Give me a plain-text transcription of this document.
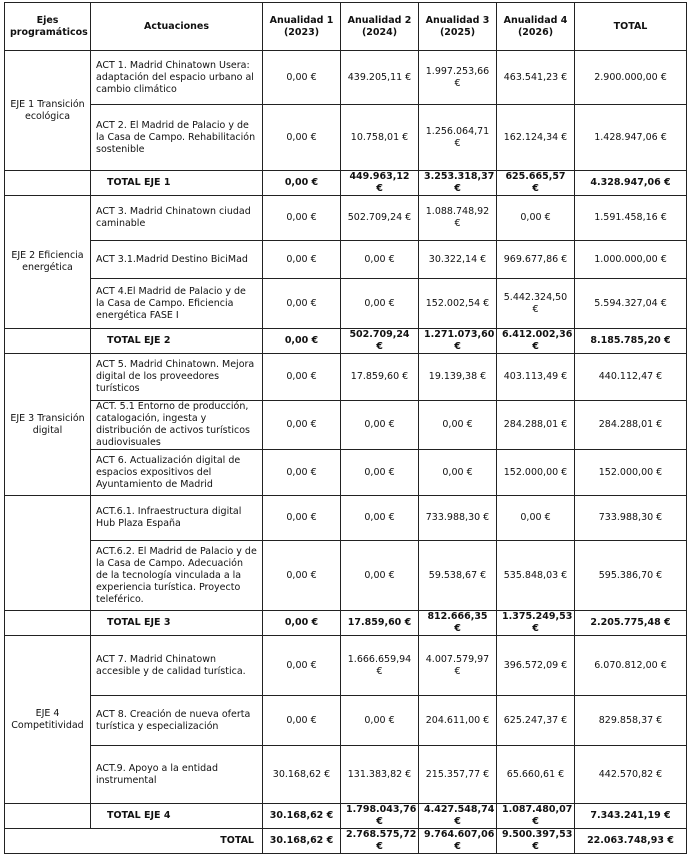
Ejes programáticos	Actuaciones	Anualidad 1 (2023)	Anualidad 2 (2024)	Anualidad 3 (2025)	Anualidad 4 (2026)	TOTAL
EJE 1 Transición ecológica	ACT 1. Madrid Chinatown Usera: adaptación del espacio urbano al cambio climático	0,00 €	439.205,11 €	1.997.253,66 €	463.541,23 €	2.900.000,00 €
	ACT 2. El Madrid de Palacio y de la Casa de Campo. Rehabilitación sostenible	0,00 €	10.758,01 €	1.256.064,71 €	162.124,34 €	1.428.947,06 €
	TOTAL EJE 1	0,00 €	449.963,12 €	3.253.318,37 €	625.665,57 €	4.328.947,06 €
EJE 2 Eficiencia energética	ACT 3. Madrid Chinatown ciudad caminable	0,00 €	502.709,24 €	1.088.748,92 €	0,00 €	1.591.458,16 €
	ACT 3.1.Madrid Destino BiciMad	0,00 €	0,00 €	30.322,14 €	969.677,86 €	1.000.000,00 €
	ACT 4.El Madrid de Palacio y de la Casa de Campo. Eficiencia energética FASE I	0,00 €	0,00 €	152.002,54 €	5.442.324,50 €	5.594.327,04 €
	TOTAL EJE 2	0,00 €	502.709,24 €	1.271.073,60 €	6.412.002,36 €	8.185.785,20 €
EJE 3 Transición digital	ACT 5. Madrid Chinatown. Mejora digital de los proveedores turísticos	0,00 €	17.859,60 €	19.139,38 €	403.113,49 €	440.112,47 €
	ACT. 5.1 Entorno de producción, catalogación, ingesta y distribución de activos turísticos audiovisuales	0,00 €	0,00 €	0,00 €	284.288,01 €	284.288,01 €
	ACT 6. Actualización digital de espacios expositivos del Ayuntamiento de Madrid	0,00 €	0,00 €	0,00 €	152.000,00 €	152.000,00 €
	ACT.6.1. Infraestructura digital Hub Plaza España	0,00 €	0,00 €	733.988,30 €	0,00 €	733.988,30 €
	ACT.6.2. El Madrid de Palacio y de la Casa de Campo. Adecuación de la tecnología vinculada a la experiencia turística. Proyecto teleférico.	0,00 €	0,00 €	59.538,67 €	535.848,03 €	595.386,70 €
	TOTAL EJE 3	0,00 €	17.859,60 €	812.666,35 €	1.375.249,53 €	2.205.775,48 €
EJE 4 Competitividad	ACT 7. Madrid Chinatown accesible y de calidad turística.	0,00 €	1.666.659,94 €	4.007.579,97 €	396.572,09 €	6.070.812,00 €
	ACT 8. Creación de nueva oferta turística y especialización	0,00 €	0,00 €	204.611,00 €	625.247,37 €	829.858,37 €
	ACT.9. Apoyo a la entidad instrumental	30.168,62 €	131.383,82 €	215.357,77 €	65.660,61 €	442.570,82 €
	TOTAL EJE 4	30.168,62 €	1.798.043,76 €	4.427.548,74 €	1.087.480,07 €	7.343.241,19 €
TOTAL		30.168,62 €	2.768.575,72 €	9.764.607,06 €	9.500.397,53 €	22.063.748,93 €
